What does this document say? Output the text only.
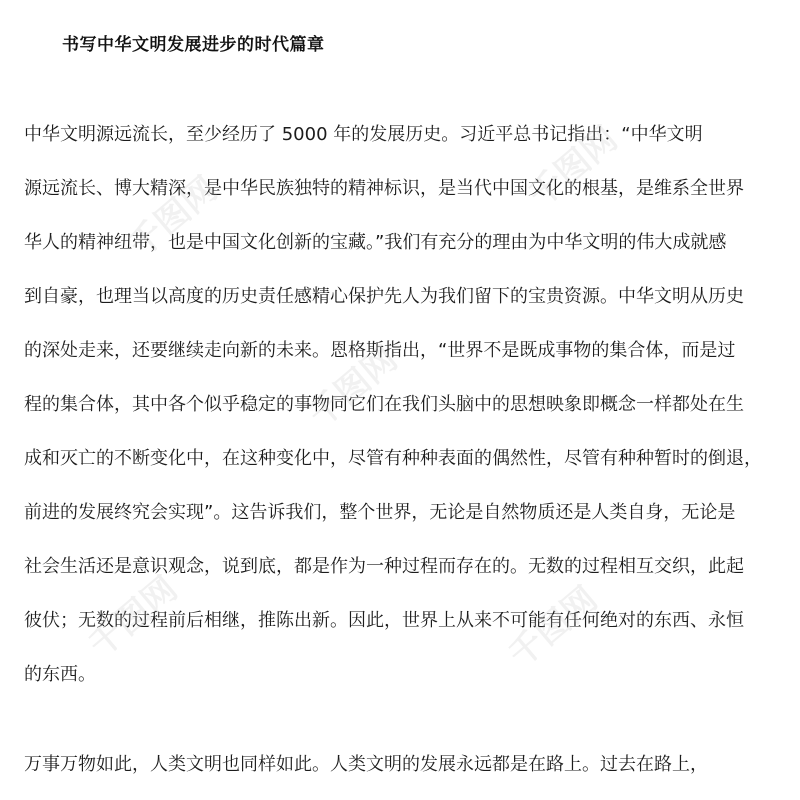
书写中华文明发展进步的时代篇章
中华文明源远流长，至少经历了 5000 年的发展历史。习近平总书记指出：“中华文明
源远流长、博大精深，是中华民族独特的精神标识，是当代中国文化的根基，是维系全世界
华人的精神纽带，也是中国文化创新的宝藏。”我们有充分的理由为中华文明的伟大成就感
到自豪，也理当以高度的历史责任感精心保护先人为我们留下的宝贵资源。中华文明从历史
的深处走来，还要继续走向新的未来。恩格斯指出，“世界不是既成事物的集合体，而是过
程的集合体，其中各个似乎稳定的事物同它们在我们头脑中的思想映象即概念一样都处在生
成和灭亡的不断变化中，在这种变化中，尽管有种种表面的偶然性，尽管有种种暂时的倒退，
前进的发展终究会实现”。这告诉我们，整个世界，无论是自然物质还是人类自身，无论是
社会生活还是意识观念，说到底，都是作为一种过程而存在的。无数的过程相互交织，此起
彼伏；无数的过程前后相继，推陈出新。因此，世界上从来不可能有任何绝对的东西、永恒
的东西。
万事万物如此，人类文明也同样如此。人类文明的发展永远都是在路上。过去在路上，
千图网
千图网
千图网
千图网	千图网
